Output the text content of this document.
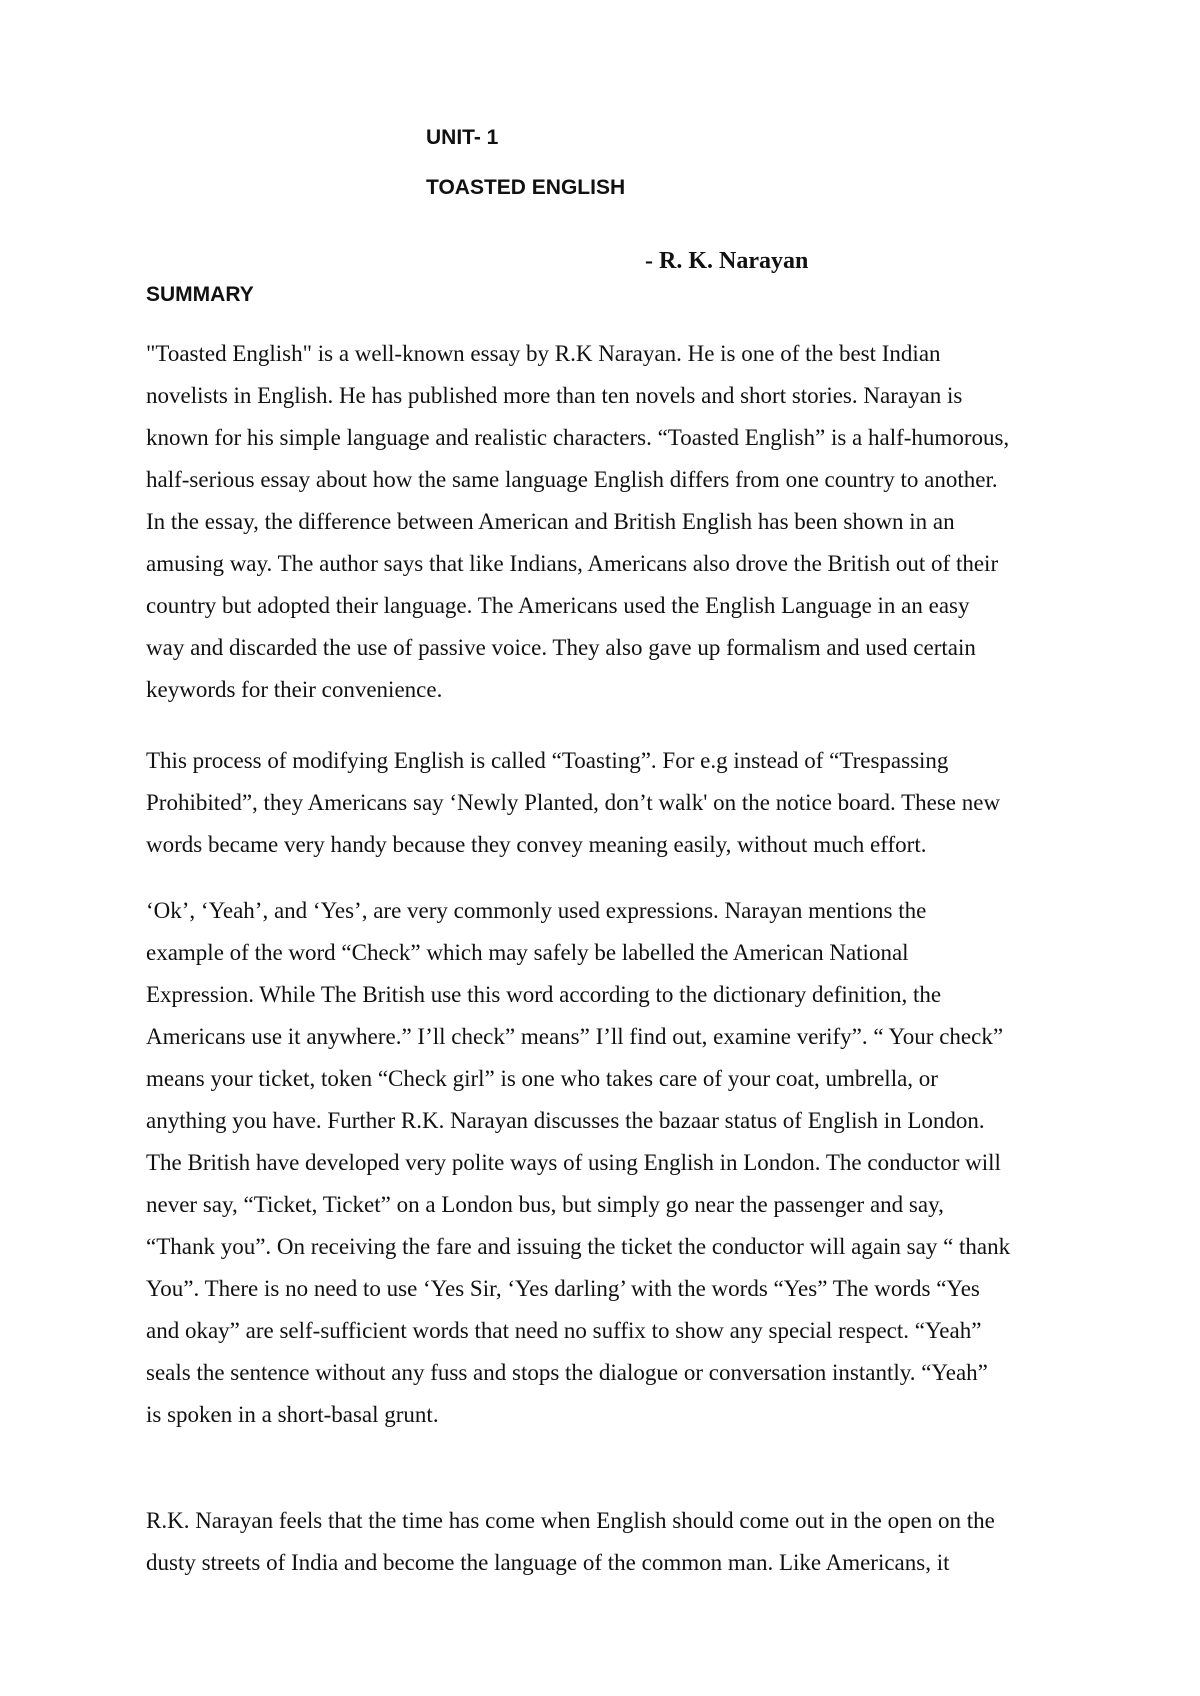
UNIT- 1
TOASTED ENGLISH

- R. K. Narayan

SUMMARY

"Toasted English" is a well-known essay by R.K Narayan. He is one of the best Indian
novelists in English. He has published more than ten novels and short stories. Narayan is
known for his simple language and realistic characters. “Toasted English” is a half-humorous,
half-serious essay about how the same language English differs from one country to another.
In the essay, the difference between American and British English has been shown in an
amusing way. The author says that like Indians, Americans also drove the British out of their
country but adopted their language. The Americans used the English Language in an easy
way and discarded the use of passive voice. They also gave up formalism and used certain
keywords for their convenience.

This process of modifying English is called “Toasting”. For e.g instead of “Trespassing
Prohibited”, they Americans say ‘Newly Planted, don’t walk' on the notice board. These new
words became very handy because they convey meaning easily, without much effort.

‘Ok’, ‘Yeah’, and ‘Yes’, are very commonly used expressions. Narayan mentions the
example of the word “Check” which may safely be labelled the American National
Expression. While The British use this word according to the dictionary definition, the
Americans use it anywhere.” I’ll check” means” I’ll find out, examine verify”. “ Your check”
means your ticket, token “Check girl” is one who takes care of your coat, umbrella, or
anything you have. Further R.K. Narayan discusses the bazaar status of English in London.
The British have developed very polite ways of using English in London. The conductor will
never say, “Ticket, Ticket” on a London bus, but simply go near the passenger and say,
“Thank you”. On receiving the fare and issuing the ticket the conductor will again say “ thank
You”. There is no need to use ‘Yes Sir, ‘Yes darling’ with the words “Yes” The words “Yes
and okay” are self-sufficient words that need no suffix to show any special respect. “Yeah”
seals the sentence without any fuss and stops the dialogue or conversation instantly. “Yeah”
is spoken in a short-basal grunt.

R.K. Narayan feels that the time has come when English should come out in the open on the
dusty streets of India and become the language of the common man. Like Americans, it
